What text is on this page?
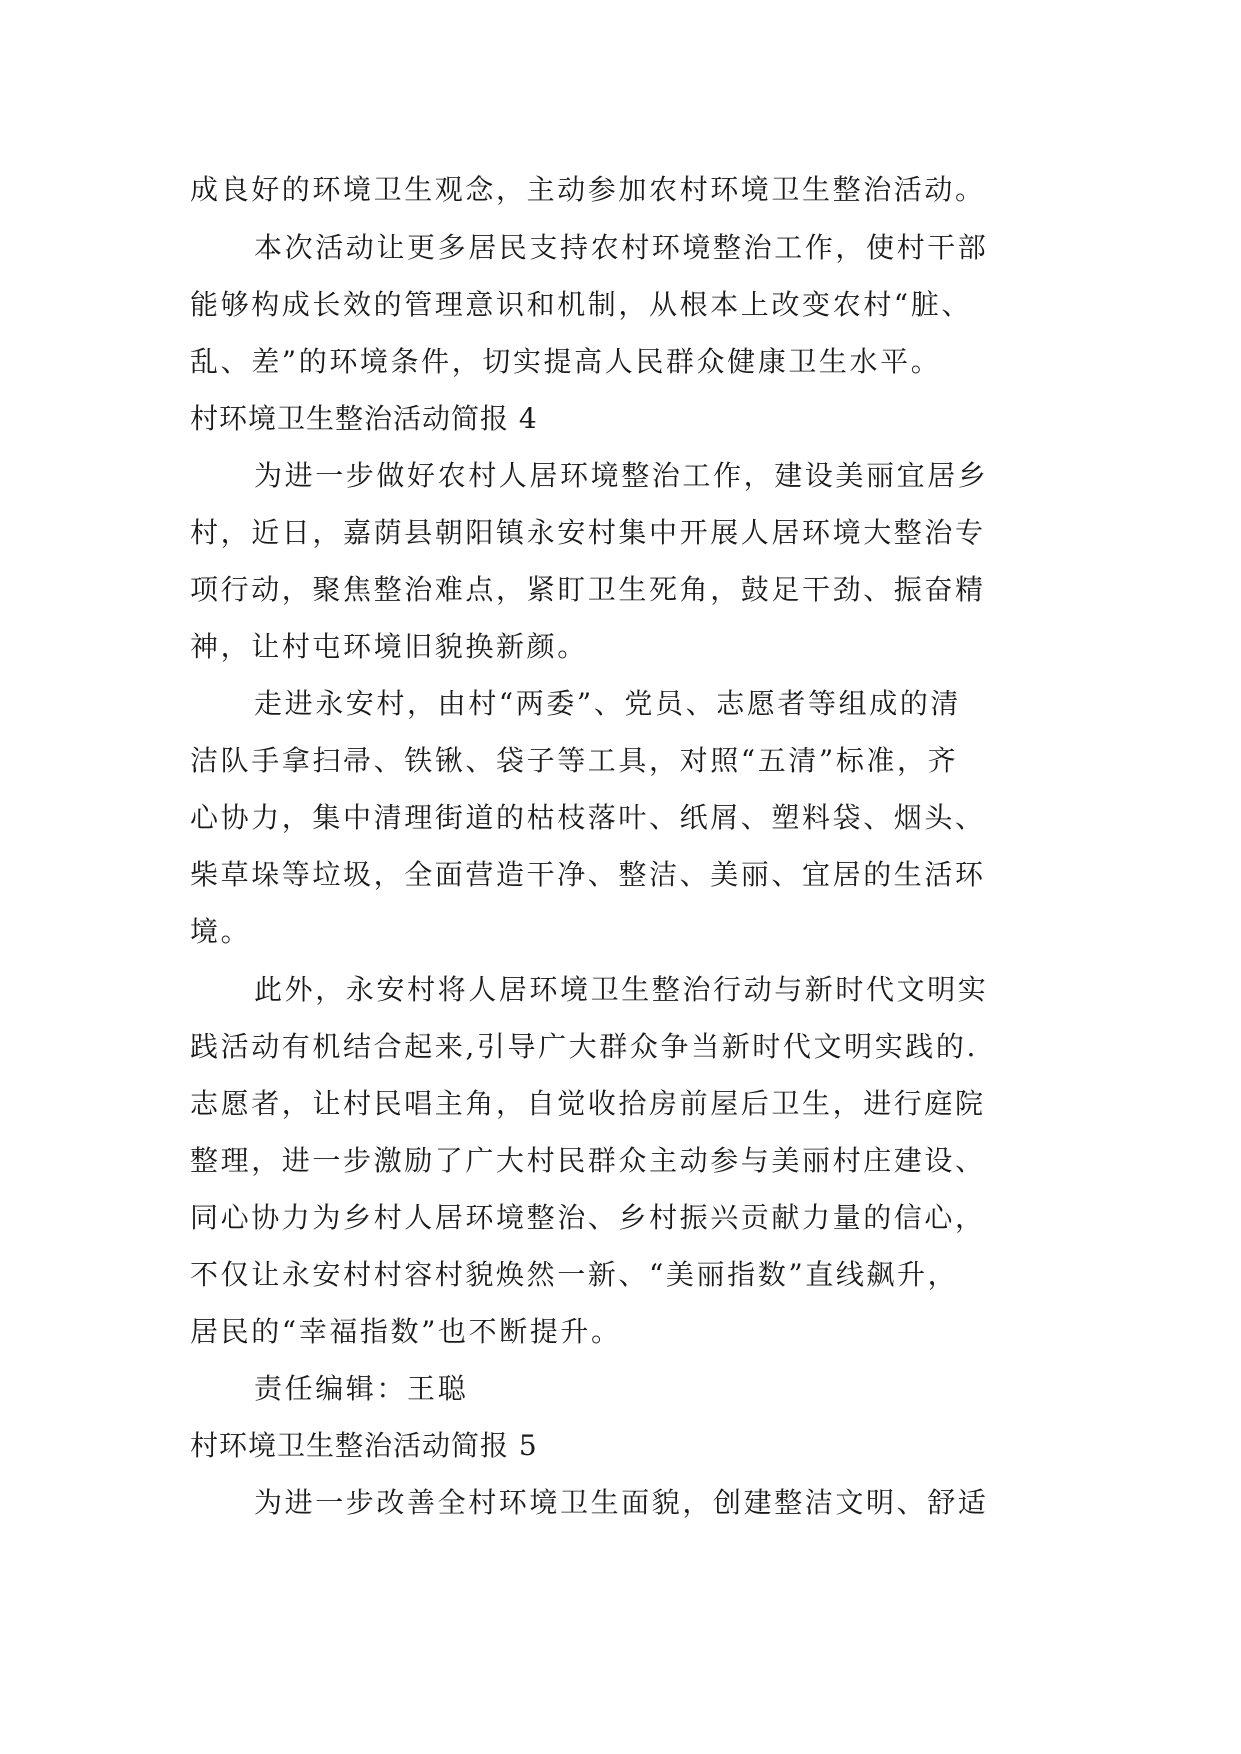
成良好的环境卫生观念，主动参加农村环境卫生整治活动。
本次活动让更多居民支持农村环境整治工作，使村干部
能够构成长效的管理意识和机制，从根本上改变农村“脏、
乱、差”的环境条件，切实提高人民群众健康卫生水平。
村环境卫生整治活动简报 4
为进一步做好农村人居环境整治工作，建设美丽宜居乡
村，近日，嘉荫县朝阳镇永安村集中开展人居环境大整治专
项行动，聚焦整治难点，紧盯卫生死角，鼓足干劲、振奋精
神，让村屯环境旧貌换新颜。
走进永安村，由村“两委”、党员、志愿者等组成的清
洁队手拿扫帚、铁锹、袋子等工具，对照“五清”标准，齐
心协力，集中清理街道的枯枝落叶、纸屑、塑料袋、烟头、
柴草垛等垃圾，全面营造干净、整洁、美丽、宜居的生活环
境。
此外，永安村将人居环境卫生整治行动与新时代文明实
践活动有机结合起来,引导广大群众争当新时代文明实践的.
志愿者，让村民唱主角，自觉收拾房前屋后卫生，进行庭院
整理，进一步激励了广大村民群众主动参与美丽村庄建设、
同心协力为乡村人居环境整治、乡村振兴贡献力量的信心，
不仅让永安村村容村貌焕然一新、“美丽指数”直线飙升，
居民的“幸福指数”也不断提升。
责任编辑：王聪
村环境卫生整治活动简报 5
为进一步改善全村环境卫生面貌，创建整洁文明、舒适
